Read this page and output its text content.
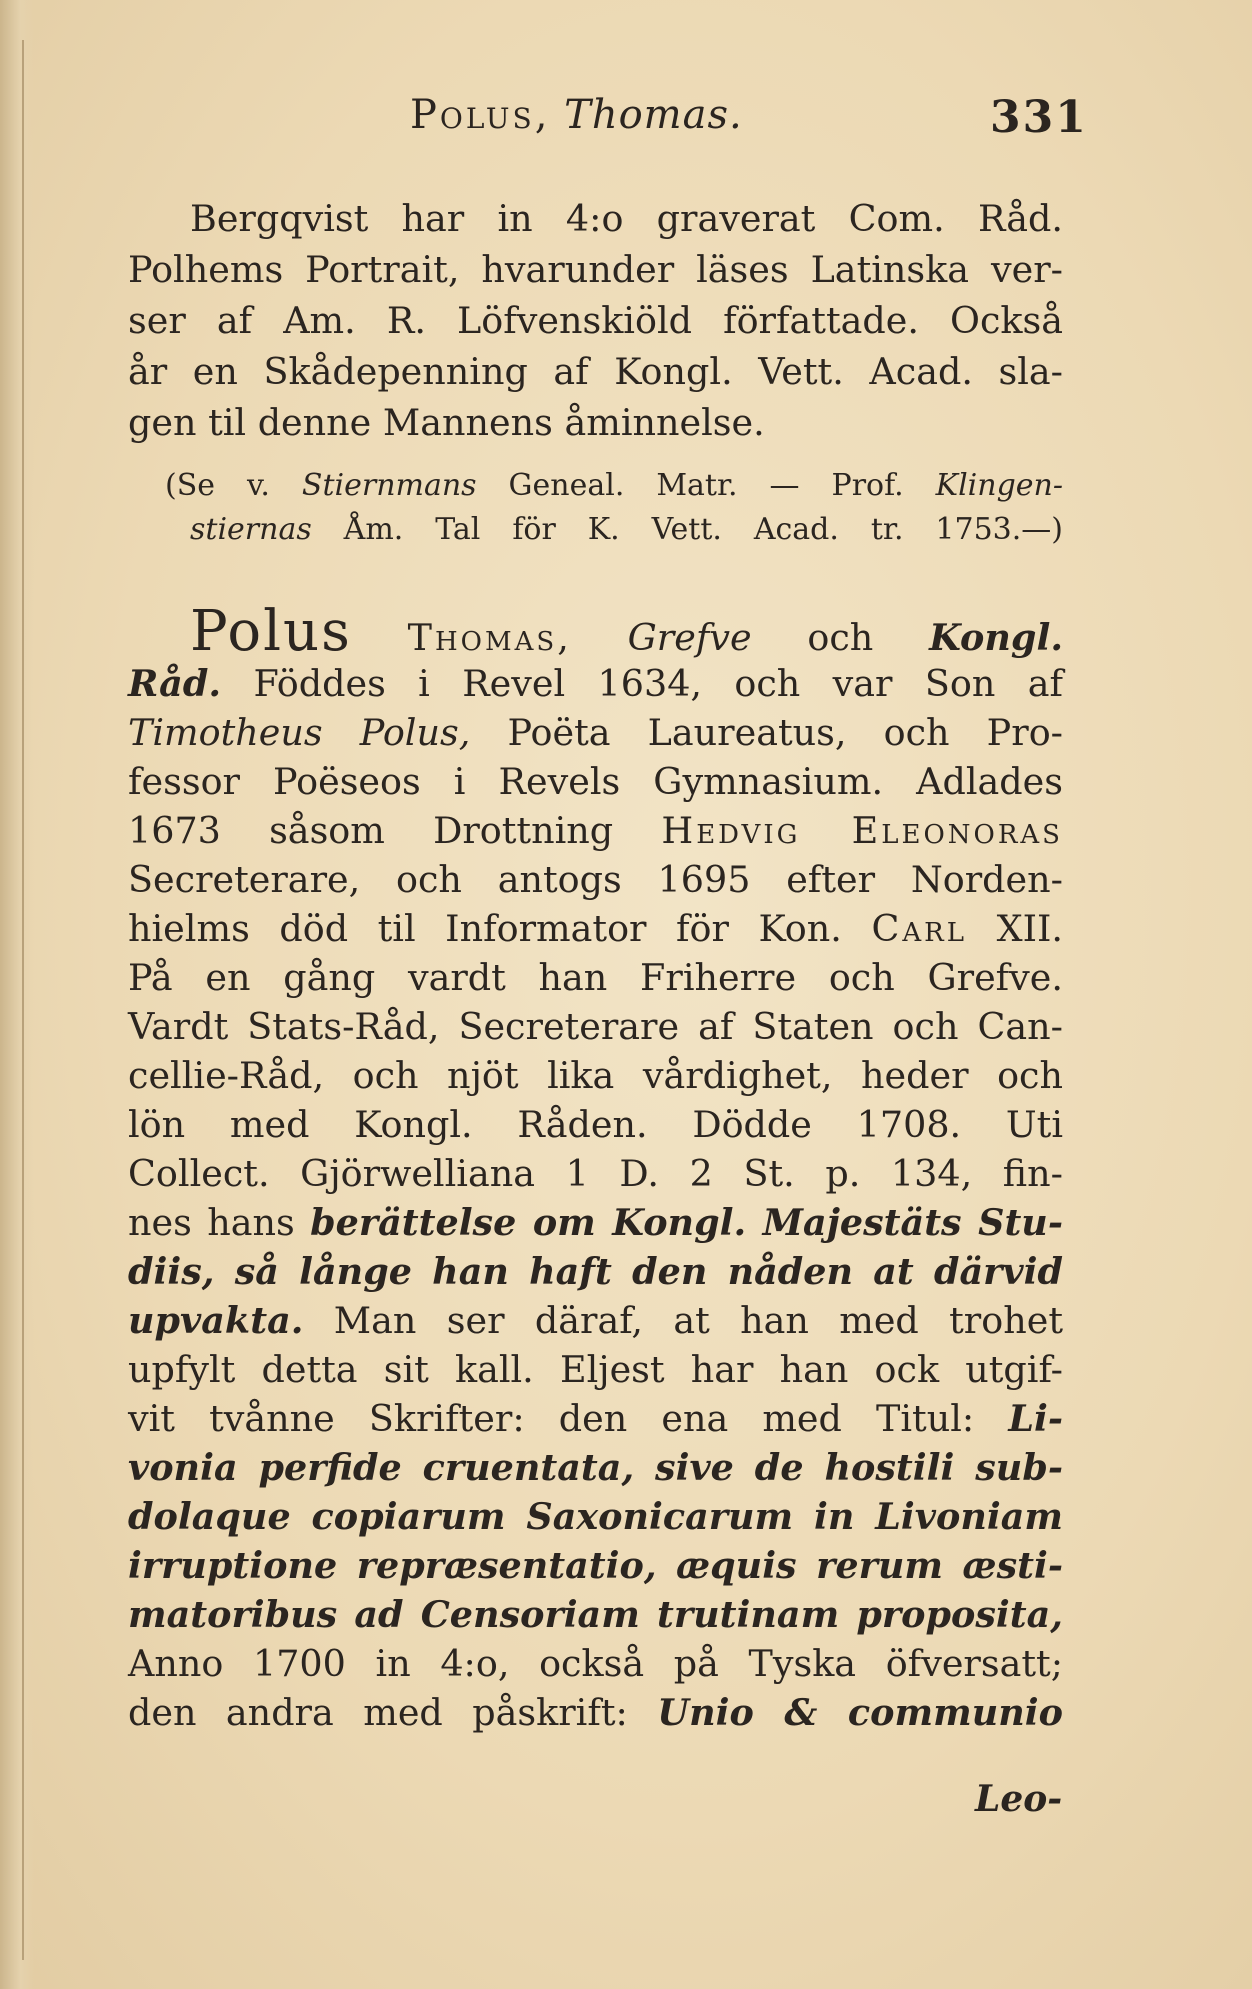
Polus, Thomas.	331
Bergqvist har in 4:o graverat Com. Råd.
Polhems Portrait, hvarunder läses Latinska ver-
ser af Am. R. Löfvenskiöld författade. Också
år en Skådepenning af Kongl. Vett. Acad. sla-
gen til denne Mannens åminnelse.
(Se v. Stiernmans Geneal. Matr. — Prof. Klingen-
stiernas Åm. Tal för K. Vett. Acad. tr. 1753.—)
Polus Thomas, Grefve och Kongl.
Råd. Föddes i Revel 1634, och var Son af
Timotheus Polus, Poëta Laureatus, och Pro-
fessor Poëseos i Revels Gymnasium. Adlades
1673 såsom Drottning Hedvig Eleonoras
Secreterare, och antogs 1695 efter Norden-
hielms död til Informator för Kon. Carl XII.
På en gång vardt han Friherre och Grefve.
Vardt Stats-Råd, Secreterare af Staten och Can-
cellie-Råd, och njöt lika vårdighet, heder och
lön med Kongl. Råden. Dödde 1708. Uti
Collect. Gjörwelliana 1 D. 2 St. p. 134, fin-
nes hans berättelse om Kongl. Majestäts Stu-
diis, så långe han haft den nåden at därvid
upvakta. Man ser däraf, at han med trohet
upfylt detta sit kall. Eljest har han ock utgif-
vit tvånne Skrifter: den ena med Titul: Li-
vonia perfide cruentata, sive de hostili sub-
dolaque copiarum Saxonicarum in Livoniam
irruptione repræsentatio, æquis rerum æsti-
matoribus ad Censoriam trutinam proposita,
Anno 1700 in 4:o, också på Tyska öfversatt;
den andra med påskrift: Unio & communio
Leo-
